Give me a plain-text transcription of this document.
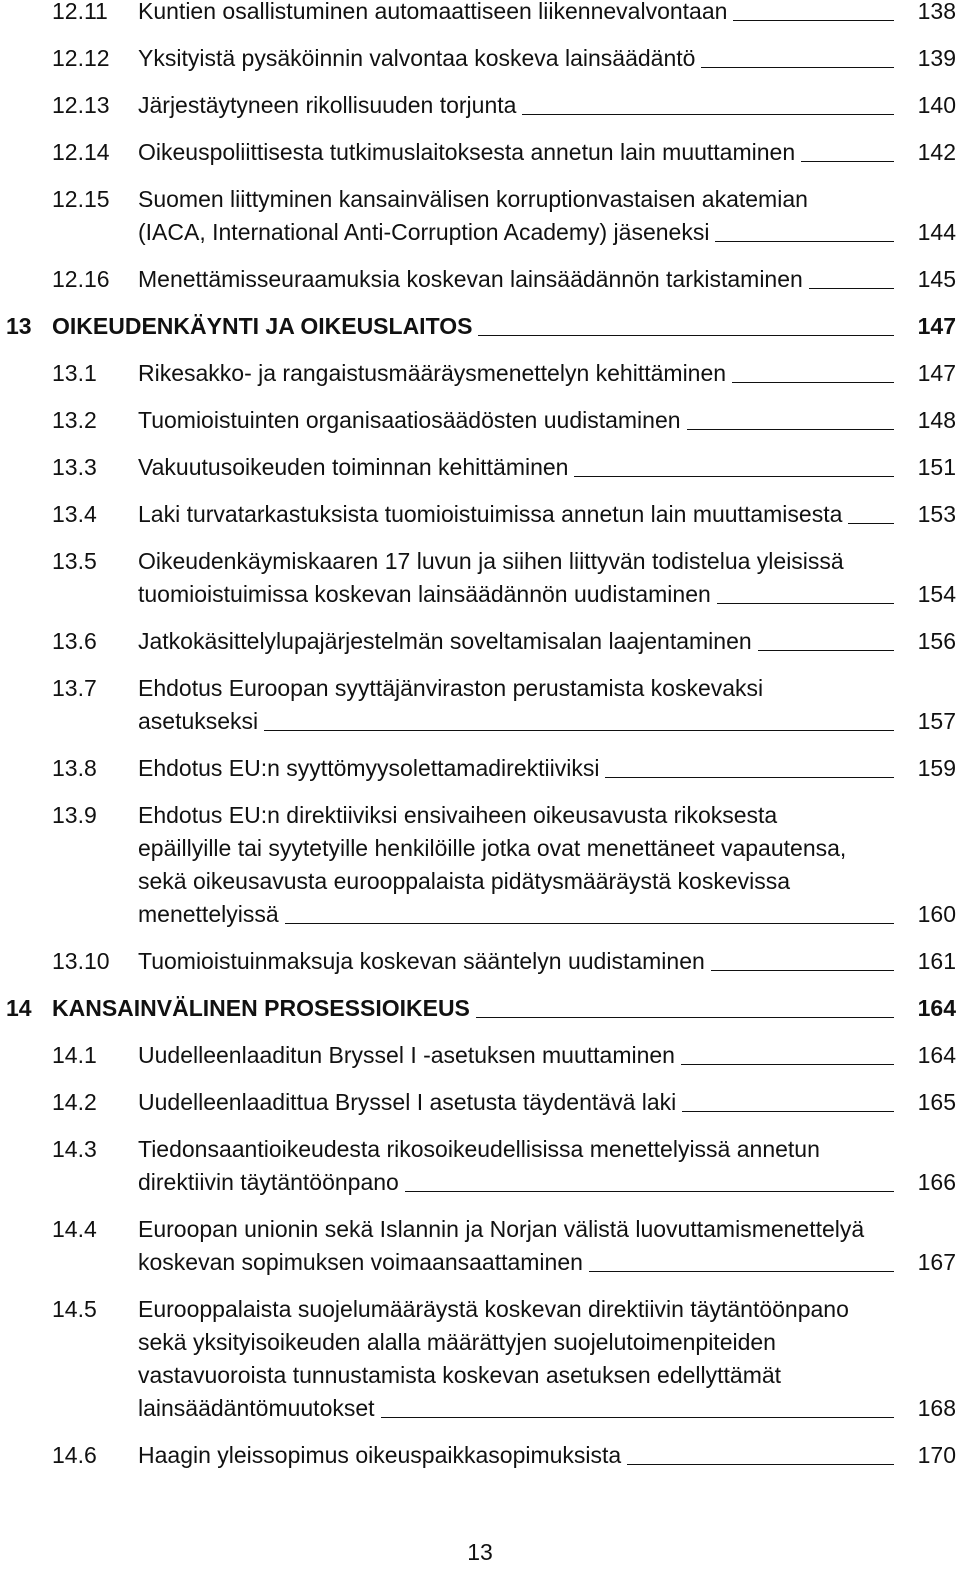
12.11 Kuntien osallistuminen automaattiseen liikennevalvontaan	138
12.12 Yksityistä pysäköinnin valvontaa koskeva lainsäädäntö	139
12.13 Järjestäytyneen rikollisuuden torjunta	140
12.14 Oikeuspoliittisesta tutkimuslaitoksesta annetun lain muuttaminen	142
12.15 Suomen liittyminen kansainvälisen korruptionvastaisen akatemian
(IACA, International Anti-Corruption Academy) jäseneksi	144
12.16 Menettämisseuraamuksia koskevan lainsäädännön tarkistaminen	145
13 OIKEUDENKÄYNTI JA OIKEUSLAITOS	147
13.1 Rikesakko- ja rangaistusmääräysmenettelyn kehittäminen	147
13.2 Tuomioistuinten organisaatiosäädösten uudistaminen	148
13.3 Vakuutusoikeuden toiminnan kehittäminen	151
13.4 Laki turvatarkastuksista tuomioistuimissa annetun lain muuttamisesta	153
13.5 Oikeudenkäymiskaaren 17 luvun ja siihen liittyvän todistelua yleisissä
tuomioistuimissa koskevan lainsäädännön uudistaminen	154
13.6 Jatkokäsittelylupajärjestelmän soveltamisalan laajentaminen	156
13.7 Ehdotus Euroopan syyttäjänviraston perustamista koskevaksi
asetukseksi	157
13.8 Ehdotus EU:n syyttömyysolettamadirektiiviksi	159
13.9 Ehdotus EU:n direktiiviksi ensivaiheen oikeusavusta rikoksesta
epäillyille tai syytetyille henkilöille jotka ovat menettäneet vapautensa,
sekä oikeusavusta eurooppalaista pidätysmääräystä koskevissa
menettelyissä	160
13.10 Tuomioistuinmaksuja koskevan sääntelyn uudistaminen	161
14 KANSAINVÄLINEN PROSESSIOIKEUS	164
14.1 Uudelleenlaaditun Bryssel I -asetuksen muuttaminen	164
14.2 Uudelleenlaadittua Bryssel I asetusta täydentävä laki	165
14.3 Tiedonsaantioikeudesta rikosoikeudellisissa menettelyissä annetun
direktiivin täytäntöönpano	166
14.4 Euroopan unionin sekä Islannin ja Norjan välistä luovuttamismenettelyä
koskevan sopimuksen voimaansaattaminen	167
14.5 Eurooppalaista suojelumääräystä koskevan direktiivin täytäntöönpano
sekä yksityisoikeuden alalla määrättyjen suojelutoimenpiteiden
vastavuoroista tunnustamista koskevan asetuksen edellyttämät
lainsäädäntömuutokset	168
14.6 Haagin yleissopimus oikeuspaikkasopimuksista	170
13
